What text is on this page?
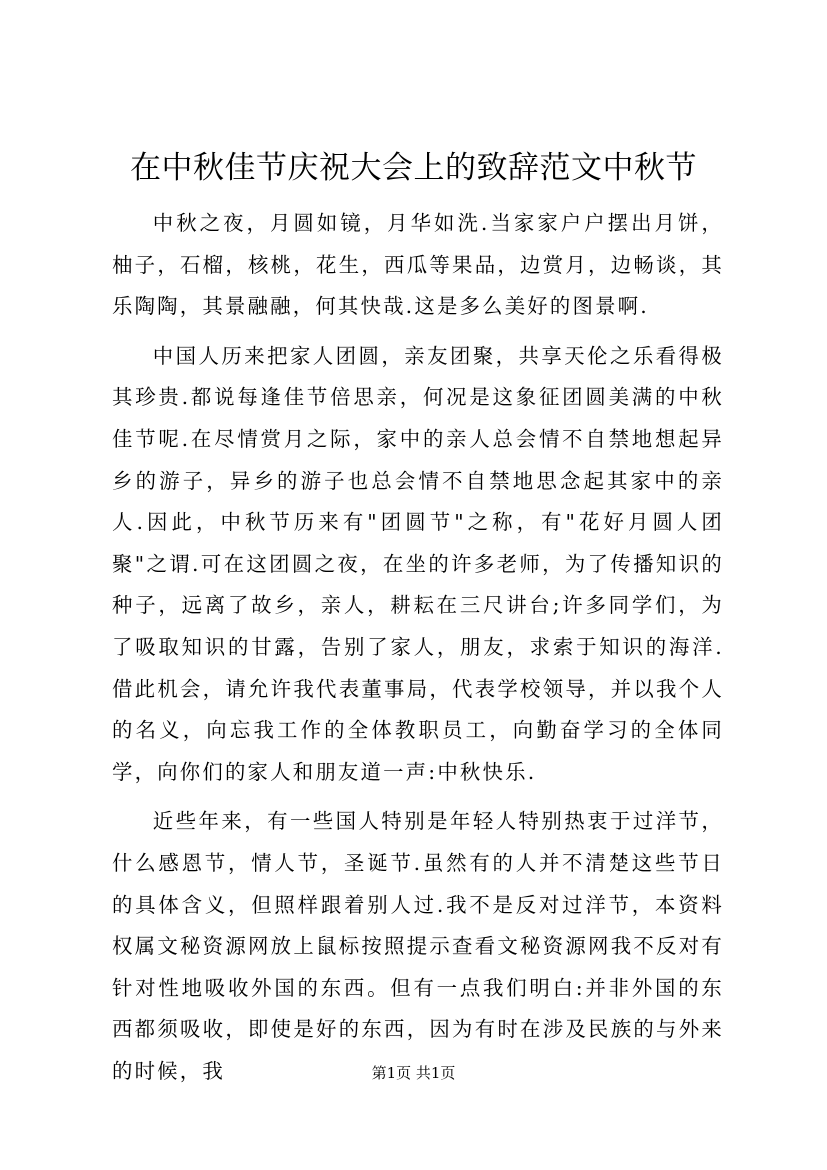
在中秋佳节庆祝大会上的致辞范文中秋节

中秋之夜，月圆如镜，月华如洗.当家家户户摆出月饼，柚子，石榴，核桃，花生，西瓜等果品，边赏月，边畅谈，其乐陶陶，其景融融，何其快哉.这是多么美好的图景啊.

中国人历来把家人团圆，亲友团聚，共享天伦之乐看得极其珍贵.都说每逢佳节倍思亲，何况是这象征团圆美满的中秋佳节呢.在尽情赏月之际，家中的亲人总会情不自禁地想起异乡的游子，异乡的游子也总会情不自禁地思念起其家中的亲人.因此，中秋节历来有"团圆节"之称，有"花好月圆人团聚"之谓.可在这团圆之夜，在坐的许多老师，为了传播知识的种子，远离了故乡，亲人，耕耘在三尺讲台;许多同学们，为了吸取知识的甘露，告别了家人，朋友，求索于知识的海洋.借此机会，请允许我代表董事局，代表学校领导，并以我个人的名义，向忘我工作的全体教职员工，向勤奋学习的全体同学，向你们的家人和朋友道一声:中秋快乐.

近些年来，有一些国人特别是年轻人特别热衷于过洋节，什么感恩节，情人节，圣诞节.虽然有的人并不清楚这些节日的具体含义，但照样跟着别人过.我不是反对过洋节，本资料权属文秘资源网放上鼠标按照提示查看文秘资源网我不反对有针对性地吸收外国的东西。但有一点我们明白:并非外国的东西都须吸收，即使是好的东西，因为有时在涉及民族的与外来的时候，我	第1页 共1页
